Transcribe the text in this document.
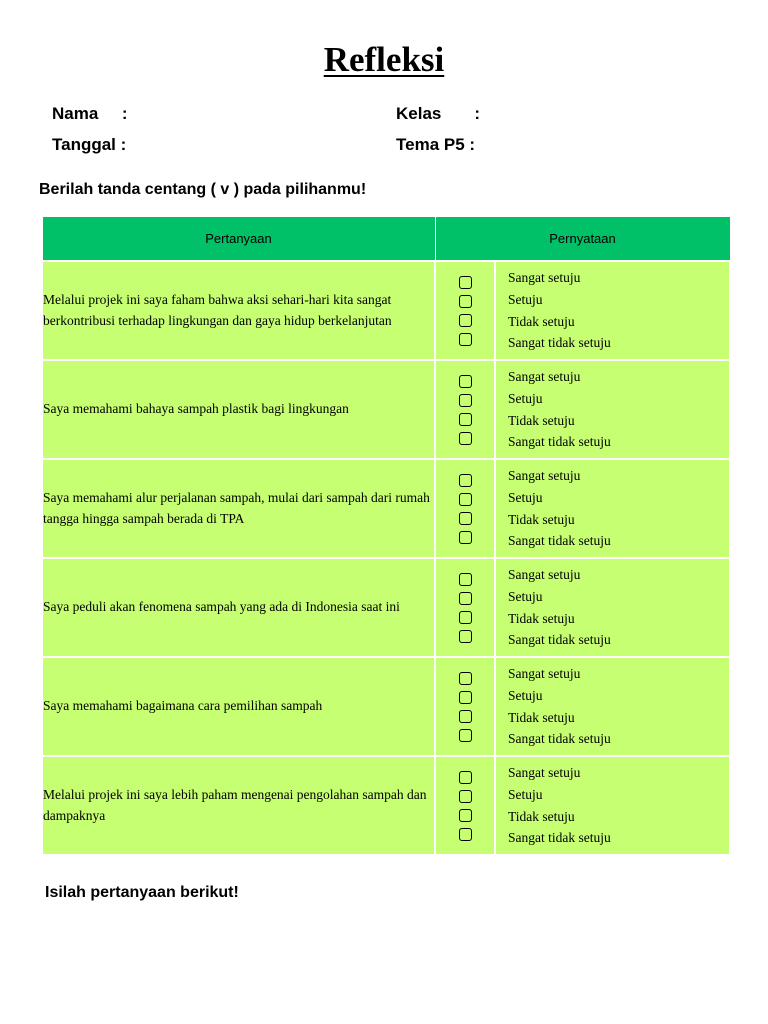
Refleksi
Nama     :	Kelas       :
Tanggal :	Tema P5 :
Berilah tanda centang ( v ) pada pilihanmu!
Pertanyaan	Pernyataan	
Melalui projek ini saya faham bahwa aksi sehari-hari kita sangat berkontribusi terhadap lingkungan dan gaya hidup berkelanjutan		Sangat setuju
Setuju
Tidak setuju
Sangat tidak setuju

Saya memahami bahaya sampah plastik bagi lingkungan		Sangat setuju
Setuju
Tidak setuju
Sangat tidak setuju

Saya memahami alur perjalanan sampah, mulai dari sampah dari rumah tangga hingga sampah berada di TPA		Sangat setuju
Setuju
Tidak setuju
Sangat tidak setuju

Saya peduli akan fenomena sampah yang ada di Indonesia saat ini		Sangat setuju
Setuju
Tidak setuju
Sangat tidak setuju

Saya memahami bagaimana cara pemilihan sampah		Sangat setuju
Setuju
Tidak setuju
Sangat tidak setuju

Melalui projek ini saya lebih paham mengenai pengolahan sampah dan dampaknya		Sangat setuju
Setuju
Tidak setuju
Sangat tidak setuju
Isilah pertanyaan berikut!
